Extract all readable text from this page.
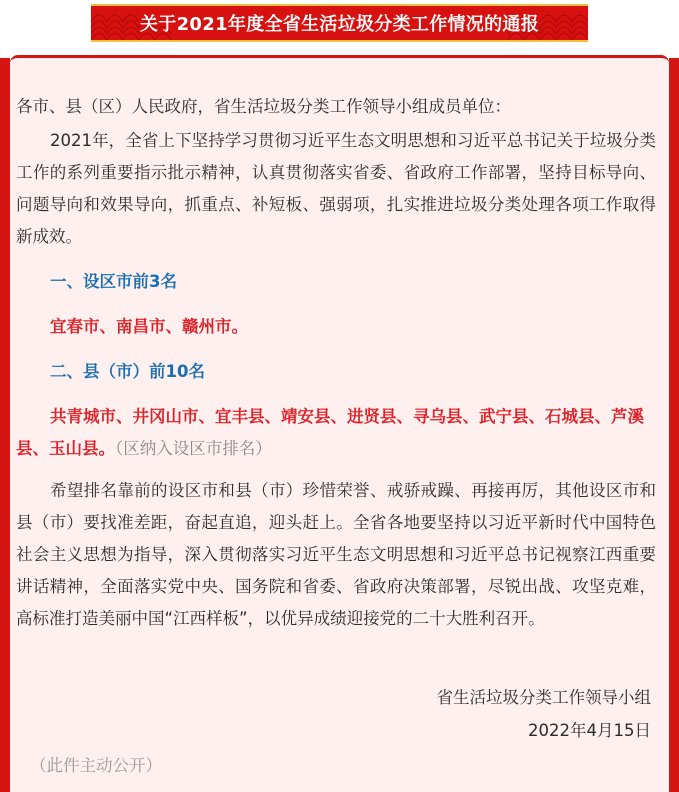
关于2021年度全省生活垃圾分类工作情况的通报
各市、县（区）人民政府，省生活垃圾分类工作领导小组成员单位：
2021年，全省上下坚持学习贯彻习近平生态文明思想和习近平总书记关于垃圾分类工作的系列重要指示批示精神，认真贯彻落实省委、省政府工作部署，坚持目标导向、问题导向和效果导向，抓重点、补短板、强弱项，扎实推进垃圾分类处理各项工作取得新成效。
一、设区市前3名
宜春市、南昌市、赣州市。
二、县（市）前10名
共青城市、井冈山市、宜丰县、靖安县、进贤县、寻乌县、武宁县、石城县、芦溪县、玉山县。（区纳入设区市排名）
希望排名靠前的设区市和县（市）珍惜荣誉、戒骄戒躁、再接再厉，其他设区市和县（市）要找准差距，奋起直追，迎头赶上。全省各地要坚持以习近平新时代中国特色社会主义思想为指导，深入贯彻落实习近平生态文明思想和习近平总书记视察江西重要讲话精神，全面落实党中央、国务院和省委、省政府决策部署，尽锐出战、攻坚克难，高标准打造美丽中国“江西样板”，以优异成绩迎接党的二十大胜利召开。
省生活垃圾分类工作领导小组
2022年4月15日
（此件主动公开）
